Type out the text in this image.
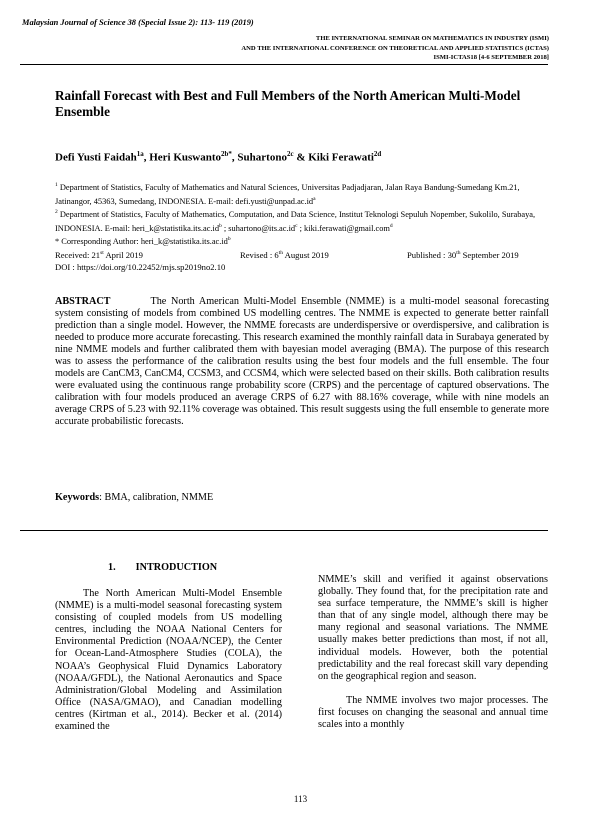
Malaysian Journal of Science 38 (Special Issue 2): 113- 119 (2019)
THE INTERNATIONAL SEMINAR ON MATHEMATICS IN INDUSTRY (ISMI)
AND THE INTERNATIONAL CONFERENCE ON THEORETICAL AND APPLIED STATISTICS (ICTAS)
ISMI-ICTAS18 [4-6 SEPTEMBER 2018]
Rainfall Forecast with Best and Full Members of the North American Multi-Model Ensemble
Defi Yusti Faidah$^{1a}$, Heri Kuswanto$^{2b*}$, Suhartono$^{2c}$ & Kiki Ferawati$^{2d}$

$^1$ Department of Statistics, Faculty of Mathematics and Natural Sciences, Universitas Padjadjaran, Jalan Raya Bandung-Sumedang Km.21, Jatinangor, 45363, Sumedang, INDONESIA. E-mail: $defi.yusti@unpad.ac.id^a$

$^2$ Department of Statistics, Faculty of Mathematics, Computation, and Data Science, Institut Teknologi Sepuluh Nopember, Sukolilo, Surabaya, INDONESIA. E-mail: $heri\_k@statistika.its.ac.id^b$ ; $suhartono@its.ac.id^c$ ; kiki.ferawati@gmail.com$^d$

* Corresponding Author: $heri\_k@statistika.its.ac.id^b$

Received: 21st April 2019	Revised : 6th August 2019	Published : 30th September 2019
DOI : https://doi.org/10.22452/mjs.sp2019no2.10
ABSTRACT	The North American Multi-Model Ensemble (NMME) is a multi-model seasonal forecasting system consisting of models from combined US modelling centres. The NMME is expected to generate better rainfall prediction than a single model. However, the NMME forecasts are underdispersive or overdispersive, and calibration is needed to produce more accurate forecasting. This research examined the monthly rainfall data in Surabaya generated by nine NMME models and further calibrated them with bayesian model averaging (BMA). The purpose of this research was to assess the performance of the calibration results using the best four models and the full ensemble. The four models are CanCM3, CanCM4, CCSM3, and CCSM4, which were selected based on their skills. Both calibration results were evaluated using the continuous range probability score (CRPS) and the percentage of captured observations. The calibration with four models produced an average CRPS of 6.27 with 88.16% coverage, while with nine models an average CRPS of 5.23 with 92.11% coverage was obtained. This result suggests using the full ensemble to generate more accurate probabilistic forecasts.
Keywords: BMA, calibration, NMME
1. INTRODUCTION

The North American Multi-Model Ensemble (NMME) is a multi-model seasonal forecasting system consisting of coupled models from US modelling centres, including the NOAA National Centers for Environmental Prediction (NOAA/NCEP), the Center for Ocean-Land-Atmosphere Studies (COLA), the NOAA’s Geophysical Fluid Dynamics Laboratory (NOAA/GFDL), the National Aeronautics and Space Administration/Global Modeling and Assimilation Office (NASA/GMAO), and Canadian modelling centres (Kirtman et al., 2014). Becker et al. (2014) examined the

NMME’s skill and verified it against observations globally. They found that, for the precipitation rate and sea surface temperature, the NMME’s skill is higher than that of any single model, although there may be many regional and seasonal variations. The NMME usually makes better predictions than most, if not all, individual models. However, both the potential predictability and the real forecast skill vary depending on the geographical region and season.

The NMME involves two major processes. The first focuses on changing the seasonal and annual time scales into a monthly

113
